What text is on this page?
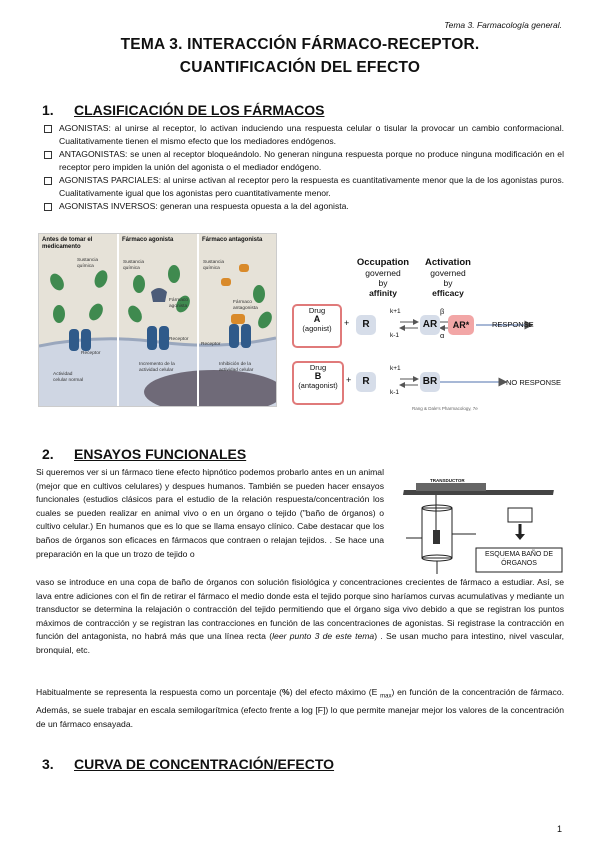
Tema 3. Farmacología general.
TEMA 3. INTERACCIÓN FÁRMACO-RECEPTOR.
CUANTIFICACIÓN DEL EFECTO
1. CLASIFICACIÓN DE LOS FÁRMACOS
AGONISTAS: al unirse al receptor, lo activan induciendo una respuesta celular o tisular la provocar un cambio conformacional. Cualitativamente tienen el mismo efecto que los mediadores endógenos.
ANTAGONISTAS: se unen al receptor bloqueándolo. No generan ninguna respuesta porque no produce ninguna modificación en el receptor pero impiden la unión del agonista o el mediador endógeno.
AGONISTAS PARCIALES: al unirse activan al receptor pero la respuesta es cuantitativamente menor que la de los agonistas puros. Cualitativamente igual que los agonistas pero cuantitativamente menor.
AGONISTAS INVERSOS: generan una respuesta opuesta a la del agonista.
Antes de tomar el medicamento
Sustancia química
Receptor
Actividad celular normal
Fármaco agonista
Sustancia química
Fármaco agonista
Receptor
Incremento de la actividad celular
Fármaco antagonista
Sustancia química
Fármaco antagonista
Receptor
Inhibición de la actividad celular
Occupation
governed
by
affinity
Activation
governed
by
efficacy
Drug
A
(agonist)
Drug
B
(antagonist)
+
+
R
R
AR	AR*
BR
k+1
k-1
β
α
k+1
k-1
RESPONSE
NO RESPONSE
Rang & Dale's Pharmacology, 7e
2. ENSAYOS FUNCIONALES
Si queremos ver si un fármaco tiene efecto hipnótico podemos probarlo antes en un animal (mejor que en cultivos celulares) y despues humanos. También se pueden hacer ensayos funcionales (estudios clásicos para el estudio de la relación respuesta/concentración los cuales se pueden realizar en animal vivo o en un órgano o tejido ("baño de órganos) o cultivo celular.) En humanos que es lo que se llama ensayo clínico. Cabe destacar que los baños de órganos son eficaces en fármacos que contraen o relajan tejidos. . Se hace una preparación en la que un trozo de tejido o
TRANSDUCTOR
ESQUEMA BAÑO DE ÓRGANOS
vaso se introduce en una copa de baño de órganos con solución fisiológica y concentraciones crecientes de fármaco a estudiar. Así, se lava entre adiciones con el fin de retirar el fármaco el medio donde esta el tejido porque sino haríamos curvas acumulativas y mediante un transductor se determina la relajación o contracción del tejido permitiendo que el órgano siga vivo debido a que se registran los puntos máximos de contracción y se registran las contracciones en función de las concentraciones de agonistas. Si registrase la contracción en función del antagonista, no habrá más que una línea recta (leer punto 3 de este tema) . Se usan mucho para intestino, nivel vascular, bronquial, etc.
Habitualmente se representa la respuesta como un porcentaje (%) del efecto máximo (E $_{max}$) en función de la concentración de fármaco. Además, se suele trabajar en escala semilogarítmica (efecto frente a log [F]) lo que permite manejar mejor los valores de la concentración de un fármaco ensayada.
3. CURVA DE CONCENTRACIÓN/EFECTO
1
